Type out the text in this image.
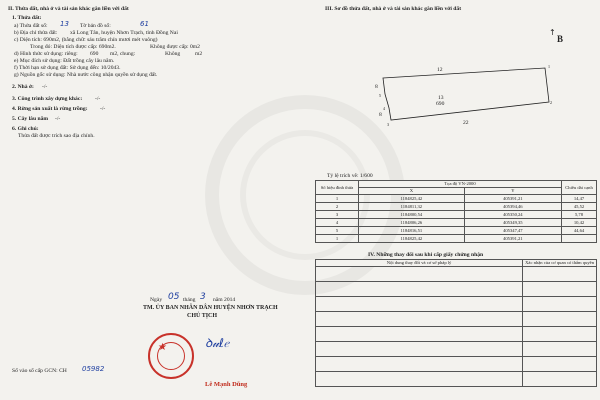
II. Thửa đất, nhà ở và tài sản khác gắn liền với đất
1. Thửa đất:
a) Thửa đất số: 13 Tờ bản đồ số:	61
b) Địa chỉ thửa đất: xã Long Tân, huyện Nhơn Trạch, tỉnh Đồng Nai
c) Diện tích: 690m2, (bằng chữ: sáu trăm chín mươi mét vuông)
Trong đó: Diện tích được cấp: 690m2.	Không được cấp: 0m2
d) Hình thức sử dụng: riêng: 690 m2, chung:	Không	m2
e) Mục đích sử dụng: Đất trồng cây lâu năm.
f) Thời hạn sử dụng đất: Sử dụng đến: 10/2043.
g) Nguồn gốc sử dụng: Nhà nước công nhận quyền sử dụng đất.
2. Nhà ở: -/-
3. Công trình xây dựng khác: -/-
4. Rừng sản xuất là rừng trồng: -/-
5. Cây lâu năm -/-
6. Ghi chú:
Thửa đất được trích sao địa chính.
Ngày 05 tháng 3 năm 2014
TM. ỦY BAN NHÂN DÂN HUYỆN NHƠN TRẠCH
CHỦ TỊCH
★	ꝺ𝓊ℓ𝑒
Lê Mạnh Dũng
Số vào sổ cấp GCN: CH 05982
III. Sơ đồ thửa đất, nhà ở và tài sản khác gắn liền với đất
↑
B
12
8
8
22
13
690
1
2
3
4
5
Tỷ lệ trích vẽ: 1/600
Số hiệu đỉnh thửa	Tọa độ VN-2000		Chiều dài cạnh
	X	Y	
1	1184825,42	405391,21	14,47
2	1184811,32	405394,46	45,52
3	1184800,54	405350,24	5,78
4	1184806,26	405349,35	10,42
5	1184816,51	405347,47	44,64
1	1184825,42	405391,21	
IV. Những thay đổi sau khi cấp giấy chứng nhận
Nội dung thay đổi và cơ sở pháp lý	Xác nhận của cơ quan có thẩm quyền
